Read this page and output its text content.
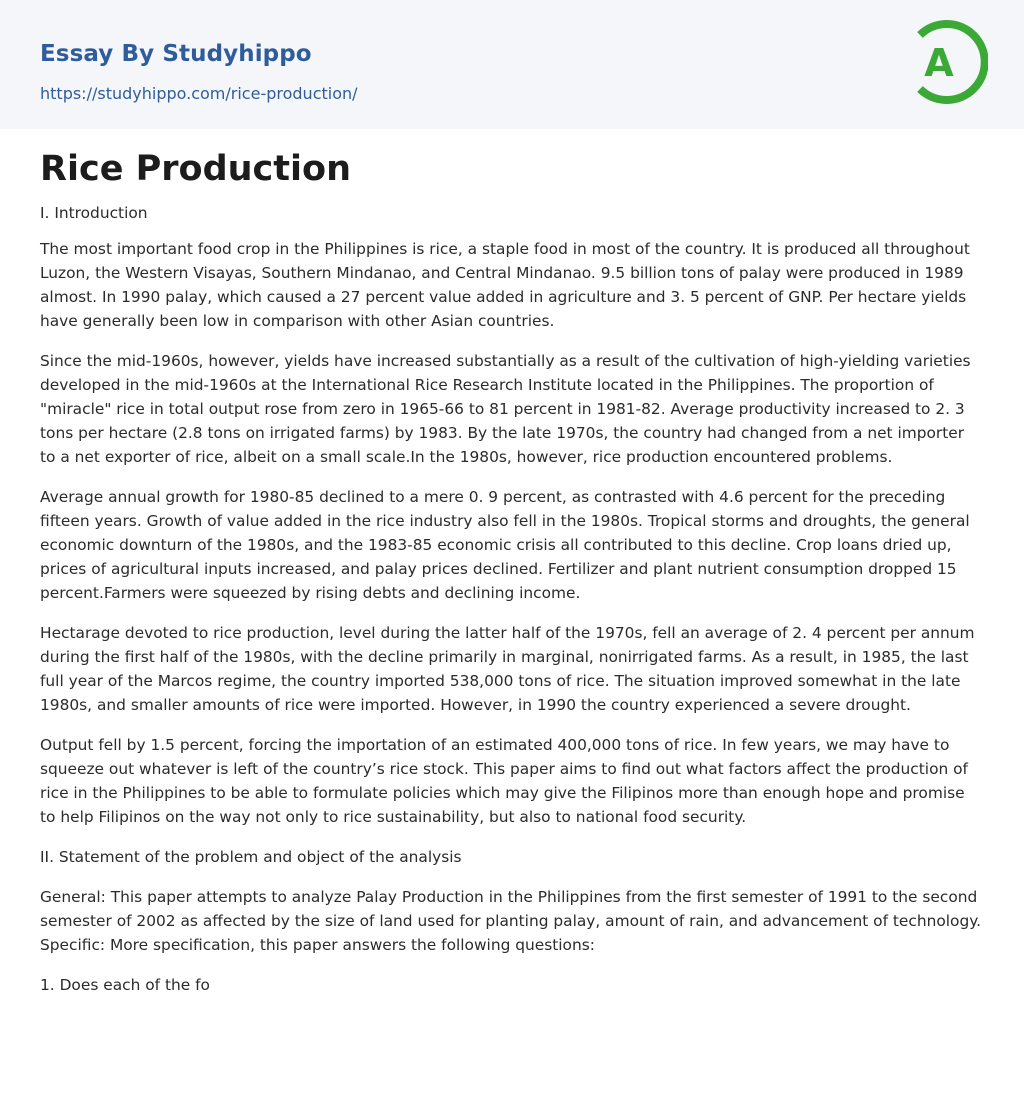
Essay By Studyhippo
https://studyhippo.com/rice-production/
A
Rice Production

I. Introduction

The most important food crop in the Philippines is rice, a staple food in most of the country. It is produced all throughout Luzon, the Western Visayas, Southern Mindanao, and Central Mindanao. 9.5 billion tons of palay were produced in 1989 almost. In 1990 palay, which caused a 27 percent value added in agriculture and 3. 5 percent of GNP. Per hectare yields have generally been low in comparison with other Asian countries.

Since the mid-1960s, however, yields have increased substantially as a result of the cultivation of high-yielding varieties developed in the mid-1960s at the International Rice Research Institute located in the Philippines. The proportion of "miracle" rice in total output rose from zero in 1965-66 to 81 percent in 1981-82. Average productivity increased to 2. 3 tons per hectare (2.8 tons on irrigated farms) by 1983. By the late 1970s, the country had changed from a net importer to a net exporter of rice, albeit on a small scale.In the 1980s, however, rice production encountered problems.

Average annual growth for 1980-85 declined to a mere 0. 9 percent, as contrasted with 4.6 percent for the preceding fifteen years. Growth of value added in the rice industry also fell in the 1980s. Tropical storms and droughts, the general economic downturn of the 1980s, and the 1983-85 economic crisis all contributed to this decline. Crop loans dried up, prices of agricultural inputs increased, and palay prices declined. Fertilizer and plant nutrient consumption dropped 15 percent.Farmers were squeezed by rising debts and declining income.

Hectarage devoted to rice production, level during the latter half of the 1970s, fell an average of 2. 4 percent per annum during the first half of the 1980s, with the decline primarily in marginal, nonirrigated farms. As a result, in 1985, the last full year of the Marcos regime, the country imported 538,000 tons of rice. The situation improved somewhat in the late 1980s, and smaller amounts of rice were imported. However, in 1990 the country experienced a severe drought.

Output fell by 1.5 percent, forcing the importation of an estimated 400,000 tons of rice. In few years, we may have to squeeze out whatever is left of the country’s rice stock. This paper aims to find out what factors affect the production of rice in the Philippines to be able to formulate policies which may give the Filipinos more than enough hope and promise to help Filipinos on the way not only to rice sustainability, but also to national food security.

II. Statement of the problem and object of the analysis

General: This paper attempts to analyze Palay Production in the Philippines from the first semester of 1991 to the second semester of 2002 as affected by the size of land used for planting palay, amount of rain, and advancement of technology. Specific: More specification, this paper answers the following questions:

1. Does each of the fo
